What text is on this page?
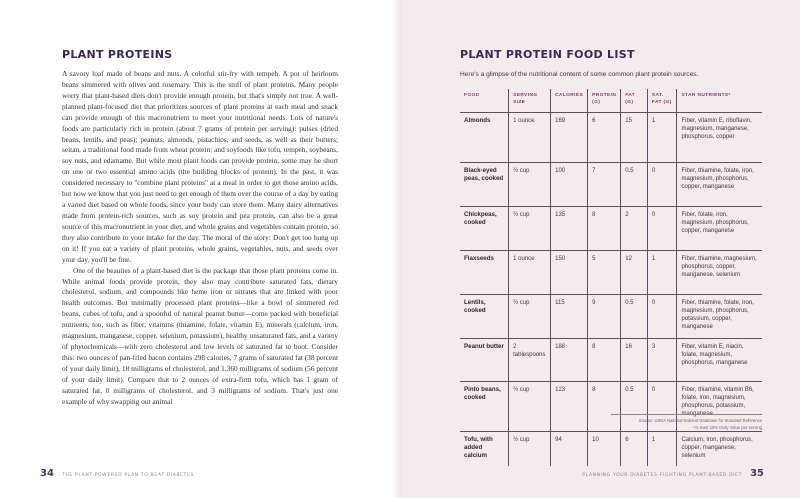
PLANT PROTEINS

A savory loaf made of beans and nuts. A colorful stir-fry with tempeh. A pot of heirloom beans simmered with olives and rosemary. This is the stuff of plant proteins. Many people worry that plant-based diets don't provide enough protein, but that's simply not true. A well-planned plant-focused diet that prioritizes sources of plant proteins at each meal and snack can provide enough of this macronutrient to meet your nutritional needs. Lots of nature's foods are particularly rich in protein (about 7 grams of protein per serving): pulses (dried beans, lentils, and peas); peanuts, almonds, pistachios, and seeds, as well as their butters; seitan, a traditional food made from wheat protein; and soyfoods like tofu, tempeh, soybeans, soy nuts, and edamame. But while most plant foods can provide protein, some may be short on one or two essential amino acids (the building blocks of protein). In the past, it was considered necessary to "combine plant proteins" at a meal in order to get those amino acids, but now we know that you just need to get enough of them over the course of a day by eating a varied diet based on whole foods, since your body can store them. Many dairy alternatives made from protein-rich sources, such as soy protein and pea protein, can also be a great source of this macronutrient in your diet, and whole grains and vegetables contain protein, so they also contribute to your intake for the day. The moral of the story: Don't get too hung up on it! If you eat a variety of plant proteins, whole grains, vegetables, nuts, and seeds over your day, you'll be fine.

One of the beauties of a plant-based diet is the package that those plant proteins come in. While animal foods provide protein, they also may contribute saturated fats, dietary cholesterol, sodium, and compounds like heme iron or nitrates that are linked with poor health outcomes. But minimally processed plant proteins—like a bowl of simmered red beans, cubes of tofu, and a spoonful of natural peanut butter—come packed with beneficial nutrients, too, such as fiber, vitamins (thiamine, folate, vitamin E), minerals (calcium, iron, magnesium, manganese, copper, selenium, potassium), healthy unsaturated fats, and a variety of phytochemicals—with zero cholesterol and low levels of saturated fat to boot. Consider this: two ounces of pan-fried bacon contains 298 calories, 7 grams of saturated fat (38 percent of your daily limit), 18 milligrams of cholesterol, and 1,360 milligrams of sodium (56 percent of your daily limit). Compare that to 2 ounces of extra-firm tofu, which has 1 gram of saturated fat, 0 milligrams of cholesterol, and 3 milligrams of sodium. That's just one example of why swapping out animal

34 THE PLANT-POWERED PLAN TO BEAT DIABETES
PLANT PROTEIN FOOD LIST
Here's a glimpse of the nutritional content of some common plant protein sources.
FOOD	SERVING SIZE	CALORIES	PROTEIN (G)	FAT (G)	SAT. FAT (G)	STAR NUTRIENTS*
Almonds	1 ounce	169	6	15	1	Fiber, vitamin E, riboflavin, magnesium, manganese, phosphorus, copper
Black-eyed peas, cooked	½ cup	100	7	0.5	0	Fiber, thiamine, folate, iron, magnesium, phosphorus, copper, manganese
Chickpeas, cooked	½ cup	135	8	2	0	Fiber, folate, iron, magnesium, phosphorus, copper, manganese
Flaxseeds	1 ounce	150	5	12	1	Fiber, thiamine, magnesium, phosphorus, copper, manganese, selenium
Lentils, cooked	½ cup	115	9	0.5	0	Fiber, thiamine, folate, iron, magnesium, phosphorus, potassium, copper, manganese
Peanut butter	2 tablespoons	188	8	16	3	Fiber, vitamin E, niacin, folate, magnesium, phosphorus, manganese
Pinto beans, cooked	½ cup	123	8	0.5	0	Fiber, thiamine, vitamin B6, folate, iron, magnesium, phosphorus, potassium, manganese
Tofu, with added calcium	½ cup	94	10	6	1	Calcium, iron, phosphorus, copper, manganese, selenium
Source: USDA National Nutrient Database for Standard Reference
*At least 10% Daily Value per serving
PLANNING YOUR DIABETES-FIGHTING PLANT-BASED DIET 35
